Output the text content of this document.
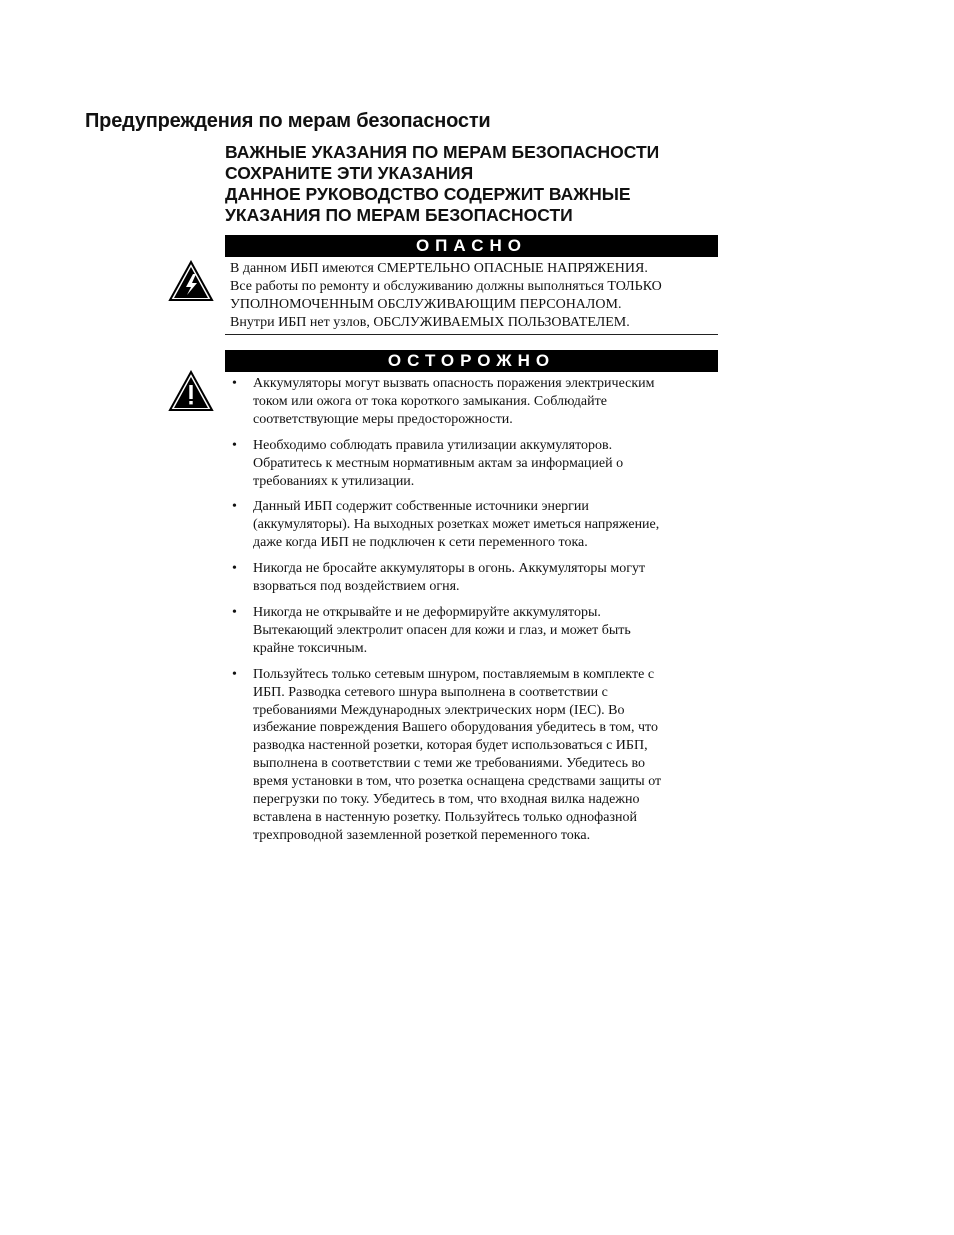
Предупреждения по мерам безопасности
ВАЖНЫЕ УКАЗАНИЯ ПО МЕРАМ БЕЗОПАСНОСТИ
СОХРАНИТЕ ЭТИ УКАЗАНИЯ
ДАННОЕ РУКОВОДСТВО СОДЕРЖИТ ВАЖНЫЕ
УКАЗАНИЯ ПО МЕРАМ БЕЗОПАСНОСТИ
ОПАСНО
В данном ИБП имеются СМЕРТЕЛЬНО ОПАСНЫЕ НАПРЯЖЕНИЯ.
Все работы по ремонту и обслуживанию должны выполняться ТОЛЬКО
УПОЛНОМОЧЕННЫМ ОБСЛУЖИВАЮЩИМ ПЕРСОНАЛОМ.
Внутри ИБП нет узлов, ОБСЛУЖИВАЕМЫХ ПОЛЬЗОВАТЕЛЕМ.
ОСТОРОЖНО
• Аккумуляторы могут вызвать опасность поражения электрическим
током или ожога от тока короткого замыкания. Соблюдайте
соответствующие меры предосторожности.
• Необходимо соблюдать правила утилизации аккумуляторов.
Обратитесь к местным нормативным актам за информацией о
требованиях к утилизации.
• Данный ИБП содержит собственные источники энергии
(аккумуляторы). На выходных розетках может иметься напряжение,
даже когда ИБП не подключен к сети переменного тока.
• Никогда не бросайте аккумуляторы в огонь. Аккумуляторы могут
взорваться под воздействием огня.
• Никогда не открывайте и не деформируйте аккумуляторы.
Вытекающий электролит опасен для кожи и глаз, и может быть
крайне токсичным.
• Пользуйтесь только сетевым шнуром, поставляемым в комплекте с
ИБП. Разводка сетевого шнура выполнена в соответствии с
требованиями Международных электрических норм (IEC). Во
избежание повреждения Вашего оборудования убедитесь в том, что
разводка настенной розетки, которая будет использоваться с ИБП,
выполнена в соответствии с теми же требованиями. Убедитесь во
время установки в том, что розетка оснащена средствами защиты от
перегрузки по току. Убедитесь в том, что входная вилка надежно
вставлена в настенную розетку. Пользуйтесь только однофазной
трехпроводной заземленной розеткой переменного тока.
